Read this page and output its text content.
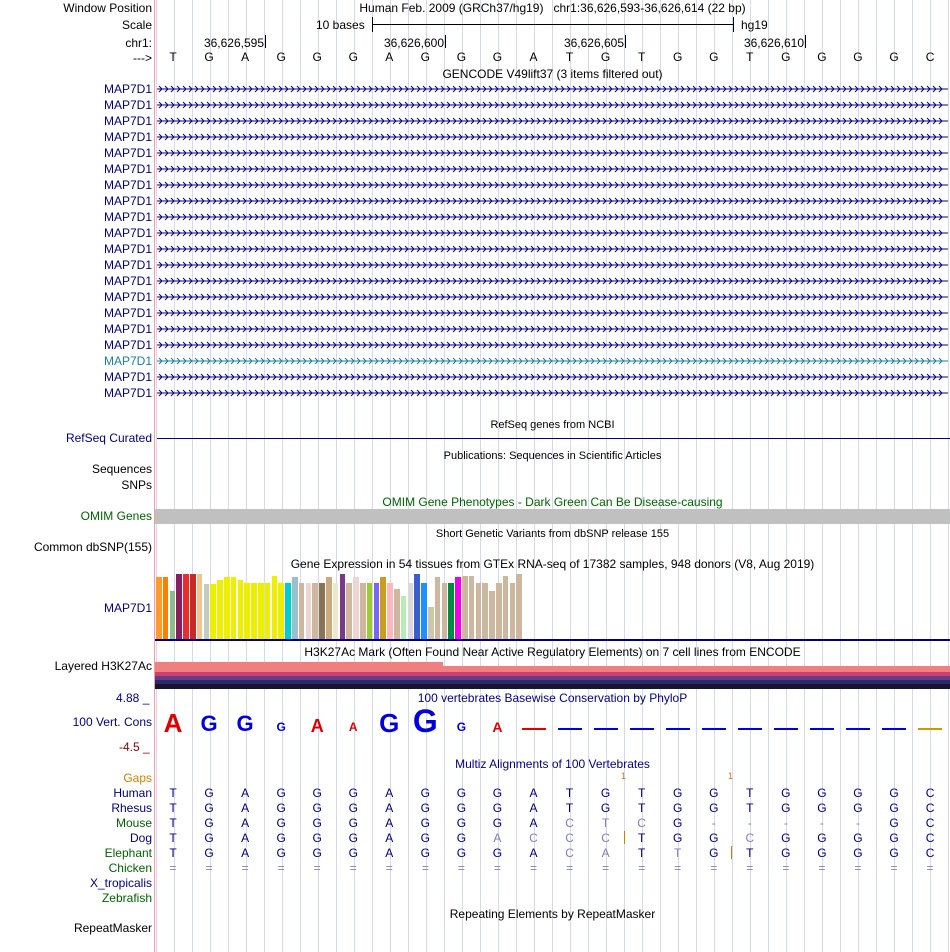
Window Position	Human Feb. 2009 (GRCh37/hg19)   chr1:36,626,593-36,626,614 (22 bp)
Scale	10 bases	hg19
chr1:	36,626,595	36,626,600	36,626,605	36,626,610
--->	T	G	A	G	G	G	A	G	G	G	A	T	G	T	G	G	T	G	G	G	G	C
GENCODE V49lift37 (3 items filtered out)
MAP7D1
MAP7D1
MAP7D1
MAP7D1
MAP7D1
MAP7D1
MAP7D1
MAP7D1
MAP7D1
MAP7D1
MAP7D1
MAP7D1
MAP7D1
MAP7D1
MAP7D1
MAP7D1
MAP7D1
MAP7D1
MAP7D1
MAP7D1
RefSeq genes from NCBI
RefSeq Curated
Publications: Sequences in Scientific Articles
Sequences
SNPs
OMIM Gene Phenotypes - Dark Green Can Be Disease-causing
OMIM Genes
Short Genetic Variants from dbSNP release 155
Common dbSNP(155)
Gene Expression in 54 tissues from GTEx RNA-seq of 17382 samples, 948 donors (V8, Aug 2019)
MAP7D1
H3K27Ac Mark (Often Found Near Active Regulatory Elements) on 7 cell lines from ENCODE
Layered H3K27Ac
4.88 _	100 vertebrates Basewise Conservation by PhyloP
100 Vert. Cons
-4.5 _
A G G	G	A	A G G	G	A
Multiz Alignments of 100 Vertebrates
Gaps	1	1
Human	T	G	A	G	G	G	A	G	G	G	A	T	G	T	G	G	T	G	G	G	G	C
Rhesus	T	G	A	G	G	G	A	G	G	G	A	T	G	T	G	G	T	G	G	G	G	C
Mouse	T	G	A	G	G	G	A	G	G	G	A	C	T	C	G	-	-	-	-	-	G	C
Dog	T	G	A	G	G	G	A	G	G	A	C	C	C	T	G	G	C	G	G	G	G	C
Elephant	T	G	A	G	G	G	A	G	G	G	A	C	A	T	T	G	T	G	G	G	G	C
Chicken	=	=	=	=	=	=	=	=	=	=	=	=	=	=	=	=	=	=	=	=	=	=
X_tropicalis
Zebrafish
Repeating Elements by RepeatMasker
RepeatMasker
